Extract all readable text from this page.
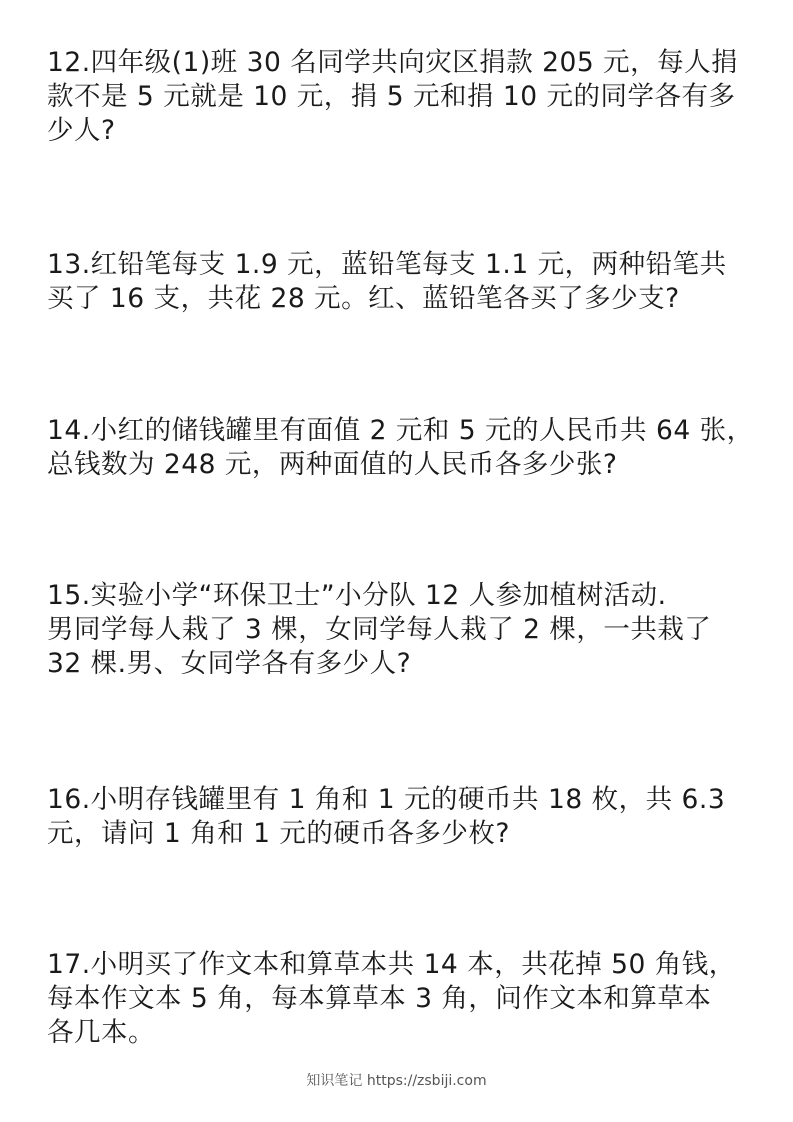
12.四年级(1)班 30 名同学共向灾区捐款 205 元，每人捐
款不是 5 元就是 10 元，捐 5 元和捐 10 元的同学各有多
少人?

13.红铅笔每支 1.9 元，蓝铅笔每支 1.1 元，两种铅笔共
买了 16 支，共花 28 元。红、蓝铅笔各买了多少支?

14.小红的储钱罐里有面值 2 元和 5 元的人民币共 64 张，
总钱数为 248 元，两种面值的人民币各多少张?

15.实验小学“环保卫士”小分队 12 人参加植树活动.
男同学每人栽了 3 棵，女同学每人栽了 2 棵，一共栽了
32 棵.男、女同学各有多少人?

16.小明存钱罐里有 1 角和 1 元的硬币共 18 枚，共 6.3
元，请问 1 角和 1 元的硬币各多少枚?

17.小明买了作文本和算草本共 14 本，共花掉 50 角钱，
每本作文本 5 角，每本算草本 3 角，问作文本和算草本
各几本。

知识笔记 https://zsbiji.com
